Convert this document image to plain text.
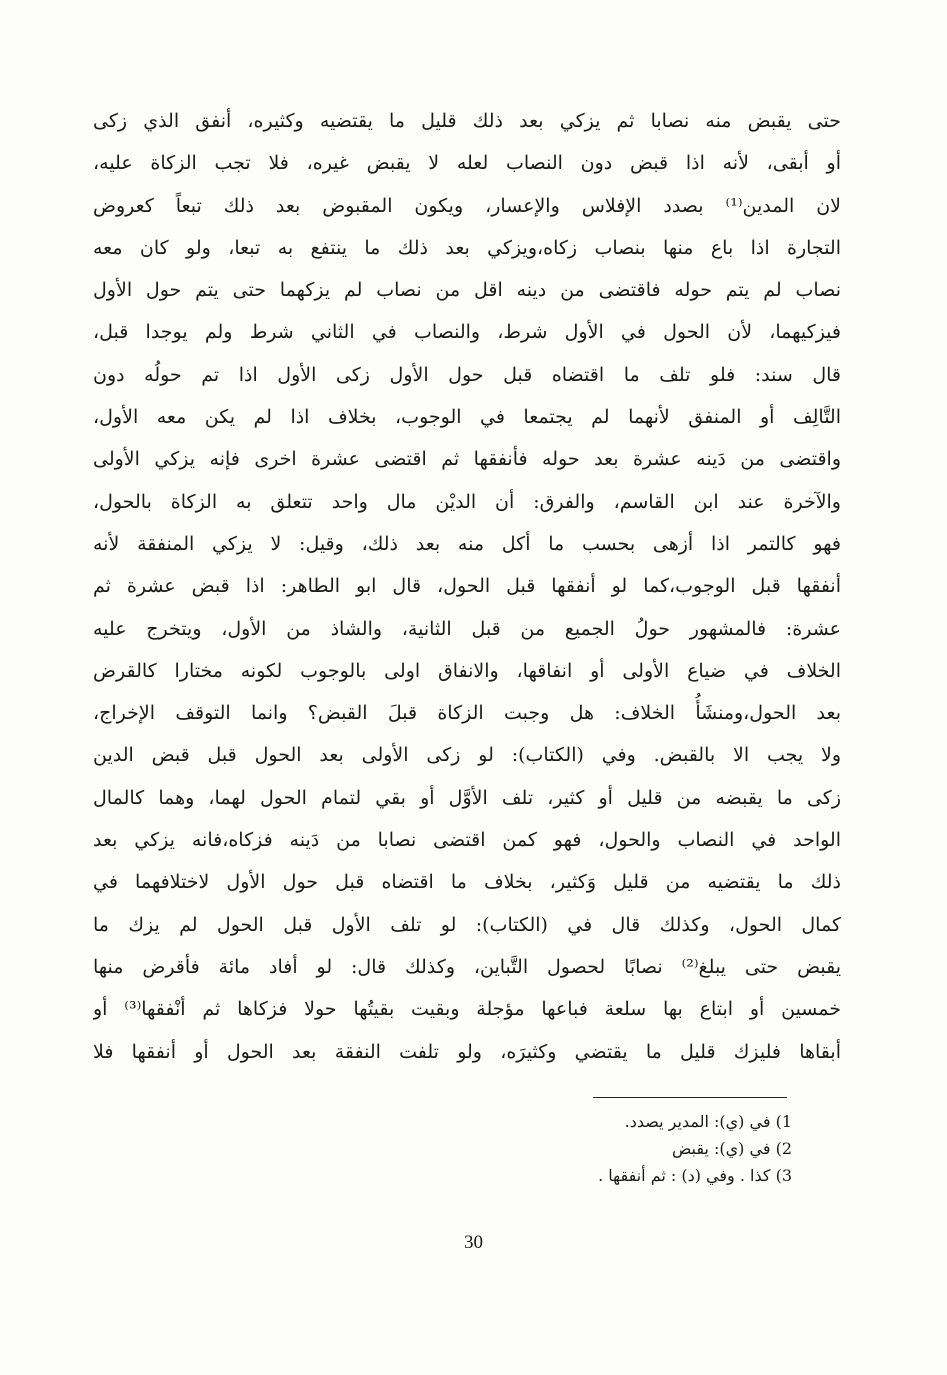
حتى يقبض منه نصابا ثم يزكي بعد ذلك قليل ما يقتضيه وكثيره، أنفق الذي زكى
أو أبقى، لأنه اذا قبض دون النصاب لعله لا يقبض غيره، فلا تجب الزكاة عليه،
لان المدين⁽¹⁾ بصدد الإفلاس والإعسار، ويكون المقبوض بعد ذلك تبعاً كعروض
التجارة اذا باع منها بنصاب زكاه،ويزكي بعد ذلك ما ينتفع به تبعا، ولو كان معه
نصاب لم يتم حوله فاقتضى من دينه اقل من نصاب لم يزكهما حتى يتم حول الأول
فيزكيهما، لأن الحول في الأول شرط، والنصاب في الثاني شرط ولم يوجدا قبل،
قال سند: فلو تلف ما اقتضاه قبل حول الأول زكى الأول اذا تم حولُه دون
التَّالِف أو المنفق لأنهما لم يجتمعا في الوجوب، بخلاف اذا لم يكن معه الأول،
واقتضى من دَينه عشرة بعد حوله فأنفقها ثم اقتضى عشرة اخرى فإنه يزكي الأولى
والآخرة عند ابن القاسم، والفرق: أن الديْن مال واحد تتعلق به الزكاة بالحول،
فهو كالتمر اذا أزهى بحسب ما أكل منه بعد ذلك، وقيل: لا يزكي المنفقة لأنه
أنفقها قبل الوجوب،كما لو أنفقها قبل الحول، قال ابو الطاهر: اذا قبض عشرة ثم
عشرة: فالمشهور حولُ الجميع من قبل الثانية، والشاذ من الأول، ويتخرج عليه
الخلاف في ضياع الأولى أو انفاقها، والانفاق اولى بالوجوب لكونه مختارا كالقرض
بعد الحول،ومنشَأُ الخلاف: هل وجبت الزكاة قبلَ القبض؟ وانما التوقف الإخراج،
ولا يجب الا بالقبض. وفي (الكتاب): لو زكى الأولى بعد الحول قبل قبض الدين
زكى ما يقبضه من قليل أو كثير، تلف الأوَّل أو بقي لتمام الحول لهما، وهما كالمال
الواحد في النصاب والحول، فهو كمن اقتضى نصابا من دَينه فزكاه،فانه يزكي بعد
ذلك ما يقتضيه من قليل وَكثير، بخلاف ما اقتضاه قبل حول الأول لاختلافهما في
كمال الحول، وكذلك قال في (الكتاب): لو تلف الأول قبل الحول لم يزك ما
يقبض حتى يبلغ⁽²⁾ نصابًا لحصول التَّباين، وكذلك قال: لو أفاد مائة فأقرض منها
خمسين أو ابتاع بها سلعة فباعها مؤجلة وبقيت بقيتُها حولا فزكاها ثم أنْفقها⁽³⁾ أو
أبقاها فليزك قليل ما يقتضي وكثيرَه، ولو تلفت النفقة بعد الحول أو أنفقها فلا
1) في (ي): المدير يصدد.
2) في (ي): يقبض
3) كذا . وفي (د) : ثم أنفقها .
30
